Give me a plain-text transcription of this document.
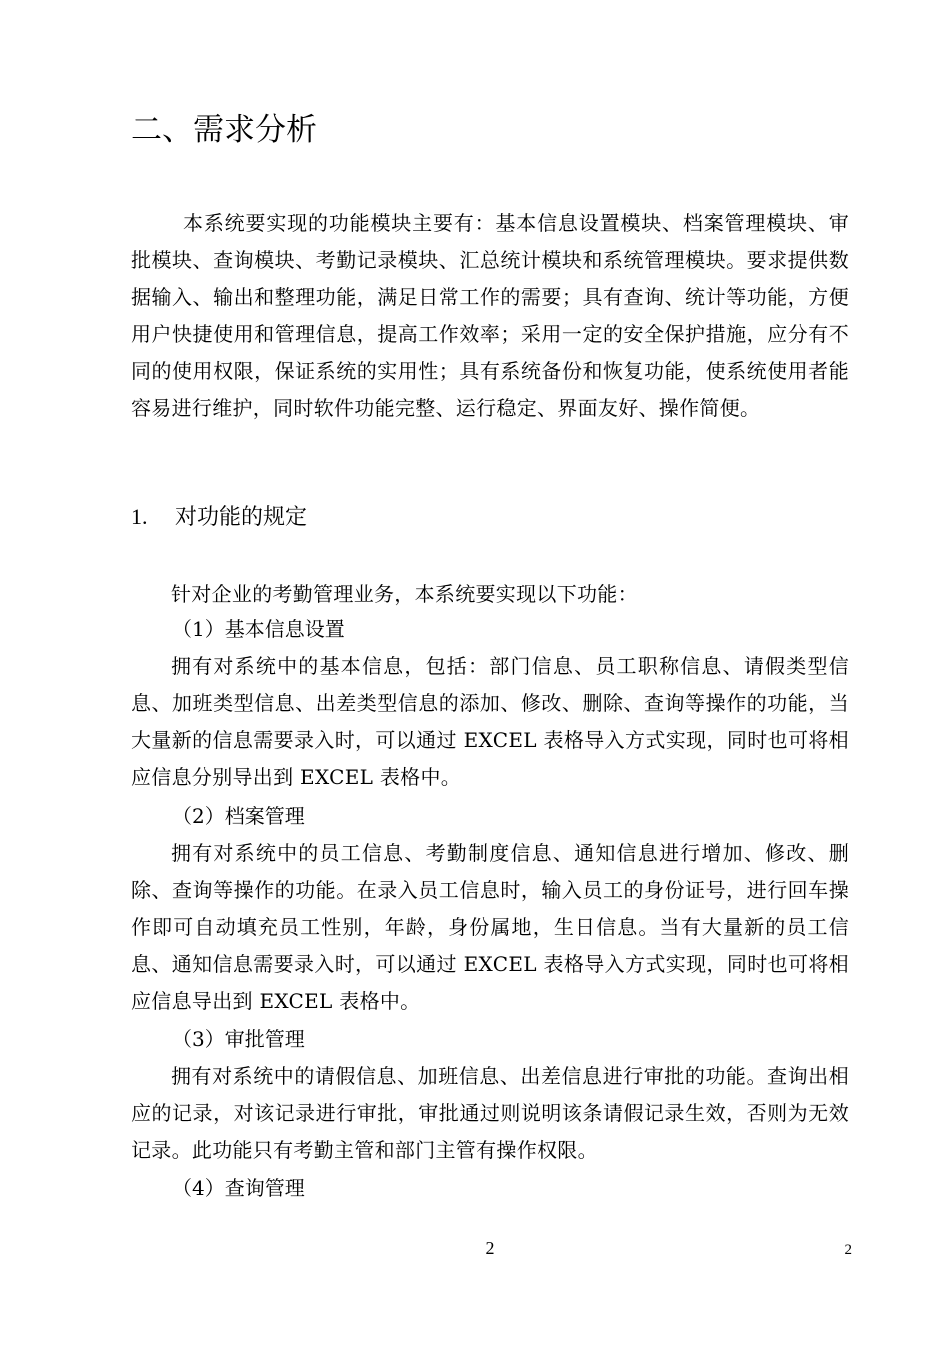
二、需求分析

本系统要实现的功能模块主要有：基本信息设置模块、档案管理模块、审批模块、查询模块、考勤记录模块、汇总统计模块和系统管理模块。要求提供数据输入、输出和整理功能，满足日常工作的需要；具有查询、统计等功能，方便用户快捷使用和管理信息，提高工作效率；采用一定的安全保护措施，应分有不同的使用权限，保证系统的实用性；具有系统备份和恢复功能，使系统使用者能容易进行维护，同时软件功能完整、运行稳定、界面友好、操作简便。

1. 对功能的规定

针对企业的考勤管理业务，本系统要实现以下功能：

（1）基本信息设置

拥有对系统中的基本信息，包括：部门信息、员工职称信息、请假类型信息、加班类型信息、出差类型信息的添加、修改、删除、查询等操作的功能，当大量新的信息需要录入时，可以通过 EXCEL 表格导入方式实现，同时也可将相应信息分别导出到 EXCEL 表格中。

（2）档案管理

拥有对系统中的员工信息、考勤制度信息、通知信息进行增加、修改、删除、查询等操作的功能。在录入员工信息时，输入员工的身份证号，进行回车操作即可自动填充员工性别，年龄，身份属地，生日信息。当有大量新的员工信息、通知信息需要录入时，可以通过 EXCEL 表格导入方式实现，同时也可将相应信息导出到 EXCEL 表格中。

（3）审批管理

拥有对系统中的请假信息、加班信息、出差信息进行审批的功能。查询出相应的记录，对该记录进行审批，审批通过则说明该条请假记录生效，否则为无效记录。此功能只有考勤主管和部门主管有操作权限。

（4）查询管理

2	2
